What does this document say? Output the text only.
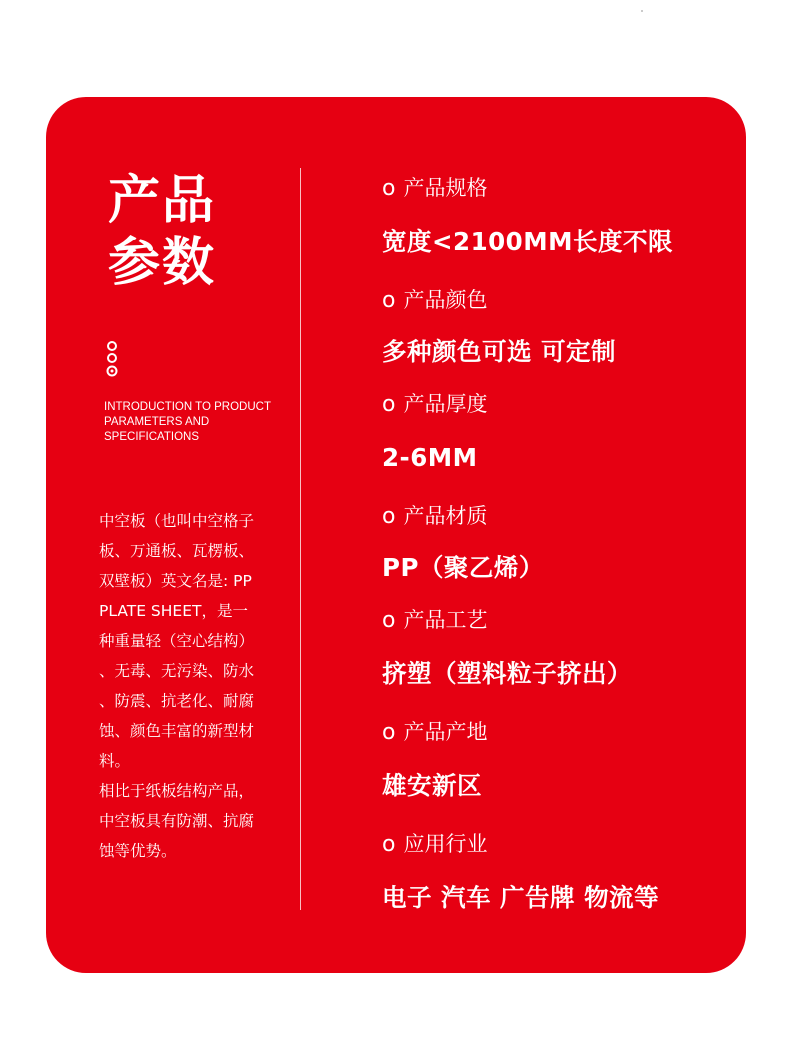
产品
参数
INTRODUCTION TO PRODUCT
PARAMETERS AND
SPECIFICATIONS
中空板（也叫中空格子
板、万通板、瓦楞板、
双壁板）英文名是: PP
PLATE SHEET，是一
种重量轻（空心结构）
、无毒、无污染、防水
、防震、抗老化、耐腐
蚀、颜色丰富的新型材
料。
相比于纸板结构产品，
中空板具有防潮、抗腐
蚀等优势。
o 产品规格
宽度<2100MM长度不限
o 产品颜色
多种颜色可选 可定制
o 产品厚度
2-6MM
o 产品材质
PP（聚乙烯）
o 产品工艺
挤塑（塑料粒子挤出）
o 产品产地
雄安新区
o 应用行业
电子 汽车 广告牌 物流等
